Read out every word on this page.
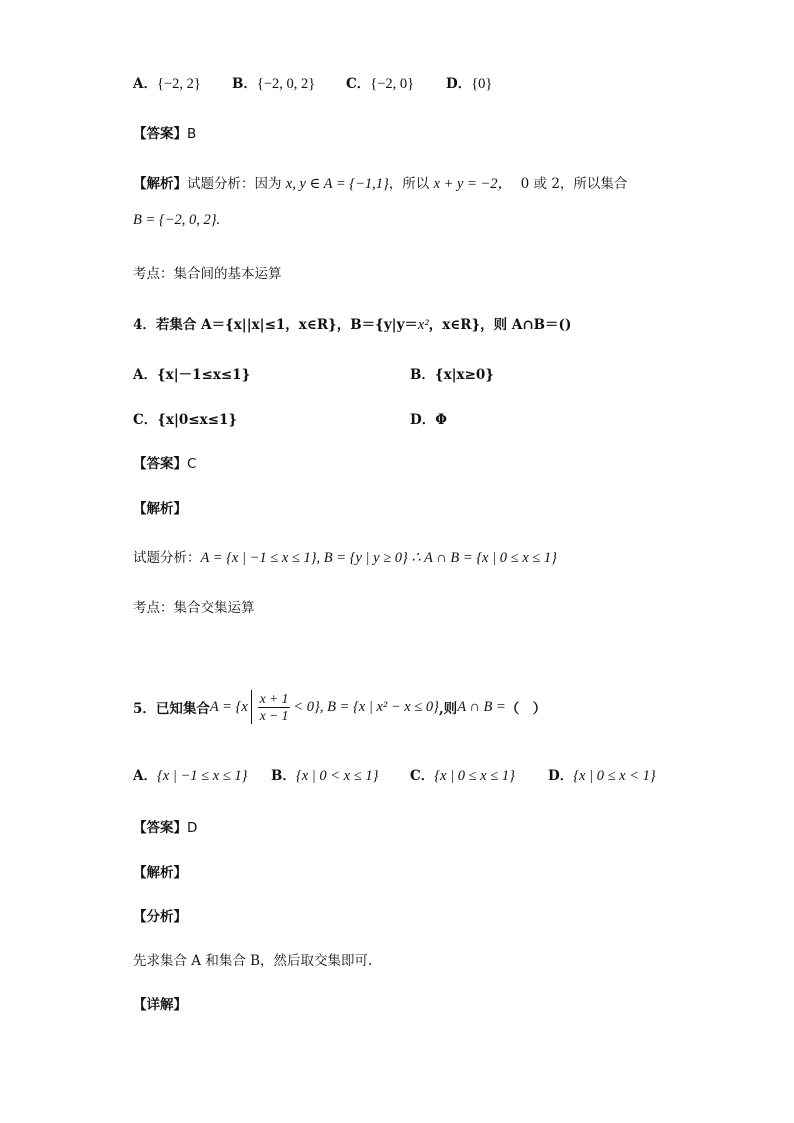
A．{−2, 2} B．{−2, 0, 2} C．{−2, 0} D．{0}
【答案】B
【解析】试题分析：因为 x, y ∈ A = {−1,1}，所以 x + y = −2， 0 或 2，所以集合
B = {−2, 0, 2}.
考点：集合间的基本运算
4．若集合 A＝{x||x|≤1，x∈R}，B＝{y|y＝x²，x∈R}，则 A∩B＝()
A．{x|－1≤x≤1}	B．{x|x≥0}
C．{x|0≤x≤1}	D．Φ
【答案】C
【解析】
试题分析：A = {x | −1 ≤ x ≤ 1}, B = {y | y ≥ 0} ∴ A ∩ B = {x | 0 ≤ x ≤ 1}
考点：集合交集运算
5．已知集合 $A = \{x \frac{x + 1}{x - 1} < 0\}$ , B = {x | x² − x ≤ 0} ,则 A ∩ B = （　）
A．{x | −1 ≤ x ≤ 1} B．{x | 0 < x ≤ 1} C．{x | 0 ≤ x ≤ 1} D．{x | 0 ≤ x < 1}
【答案】D
【解析】
【分析】
先求集合 A 和集合 B，然后取交集即可.
【详解】
